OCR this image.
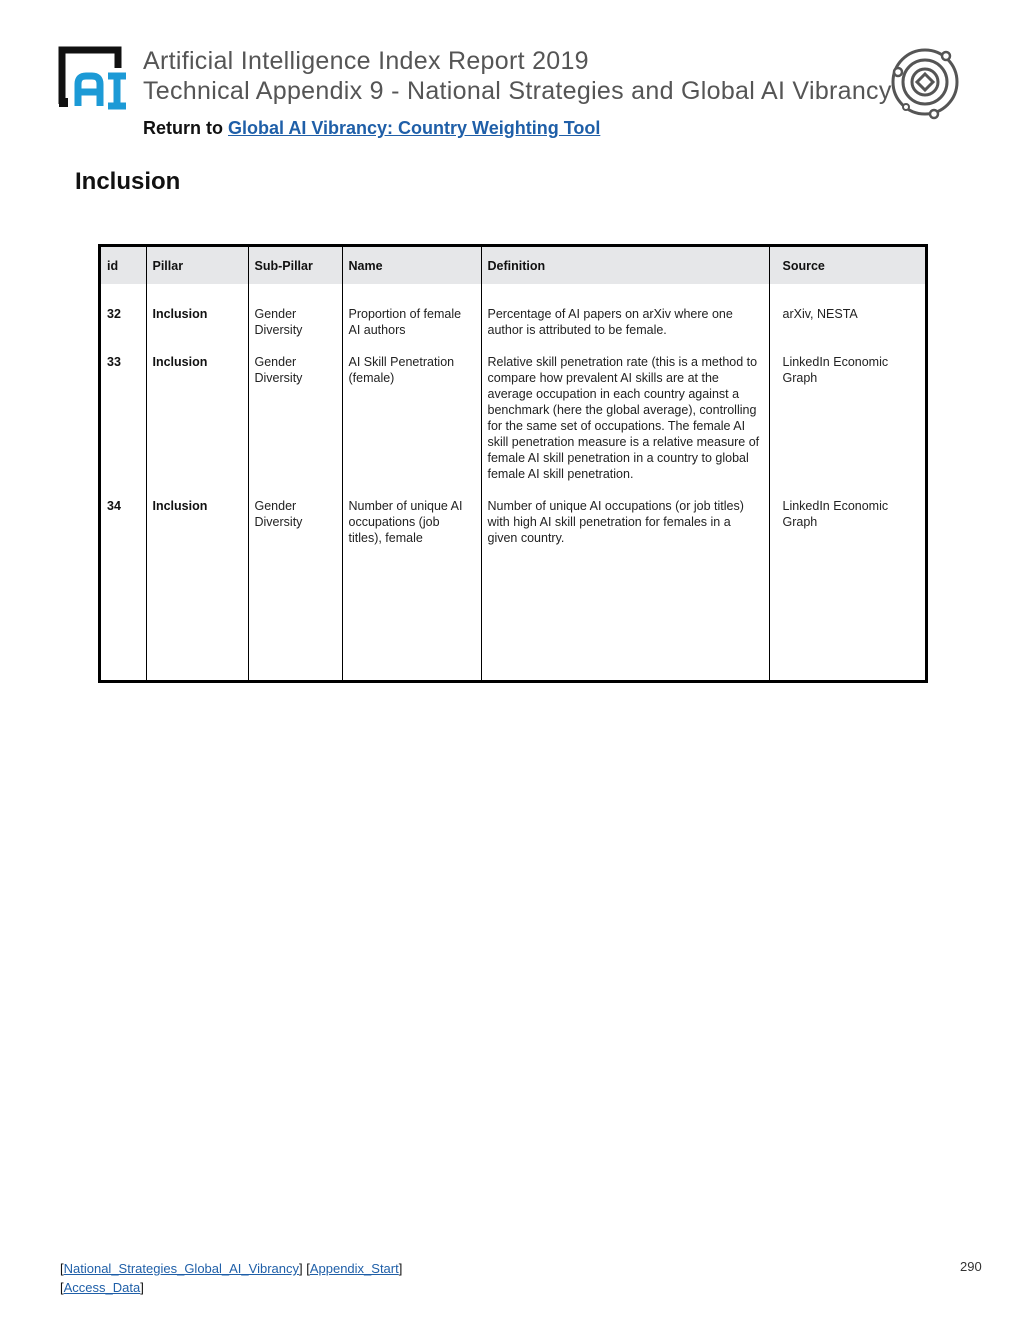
Artificial Intelligence Index Report 2019
Technical Appendix 9 - National Strategies and Global AI Vibrancy
Return to Global AI Vibrancy: Country Weighting Tool
Inclusion
id	Pillar	Sub-Pillar	Name	Definition	Source
32	Inclusion	Gender Diversity	Proportion of female AI authors	Percentage of AI papers on arXiv where one author is attributed to be female.	arXiv, NESTA
33	Inclusion	Gender Diversity	AI Skill Penetration (female)	Relative skill penetration rate (this is a method to compare how prevalent AI skills are at the average occupation in each country against a benchmark (here the global average), controlling for the same set of occupations. The female AI skill penetration measure is a relative measure of female AI skill penetration in a country to global female AI skill penetration.	LinkedIn Economic Graph
34	Inclusion	Gender Diversity	Number of unique AI occupations (job titles), female	Number of unique AI occupations (or job titles) with high AI skill penetration for females in a given country.	LinkedIn Economic Graph
[National_Strategies_Global_AI_Vibrancy] [Appendix_Start]
[Access_Data]
290
